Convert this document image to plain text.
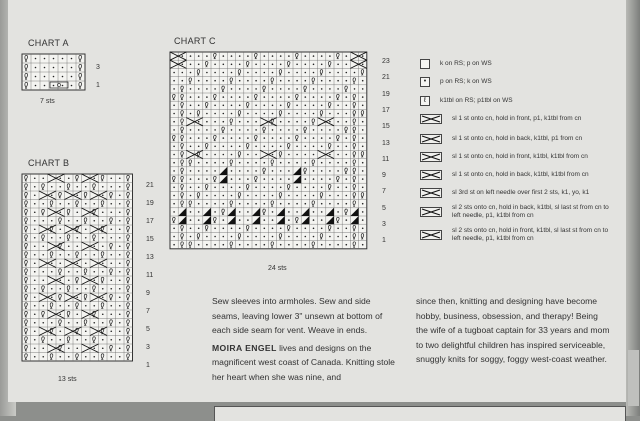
CHART A
3
1
7 sts
CHART B
21
19
17
15
13
11
9
7
5
3
1
13 sts
CHART C
23
21
19
17
15
13
11
9
7
5
3
1
24 sts
k on RS; p on WS
•	p on RS; k on WS
ℓ	k1tbl on RS; p1tbl on WS
sl 1 st onto cn, hold in front, p1, k1tbl from cn
sl 1 st onto cn, hold in back, k1tbl, p1 from cn
sl 1 st onto cn, hold in front, k1tbl, k1tbl from cn
sl 1 st onto cn, hold in back, k1tbl, k1tbl from cn
sl 3rd st on left needle over first 2 sts, k1, yo, k1
sl 2 sts onto cn, hold in back, k1tbl, sl last st from cn to left needle, p1, k1tbl from cn
sl 2 sts onto cn, hold in front, k1tbl, sl last st from cn to left needle, p1, k1tbl from cn
Sew sleeves into armholes. Sew and side seams, leaving lower 3" unsewn at bottom of each side seam for vent. Weave in ends.

MOIRA ENGEL lives and designs on the magnificent west coast of Canada. Knitting stole her heart when she was nine, and
since then, knitting and designing have become hobby, business, obsession, and therapy! Being the wife of a tugboat captain for 33 years and mom to two delightful children has inspired serviceable, snuggly knits for soggy, foggy west-coast weather.
